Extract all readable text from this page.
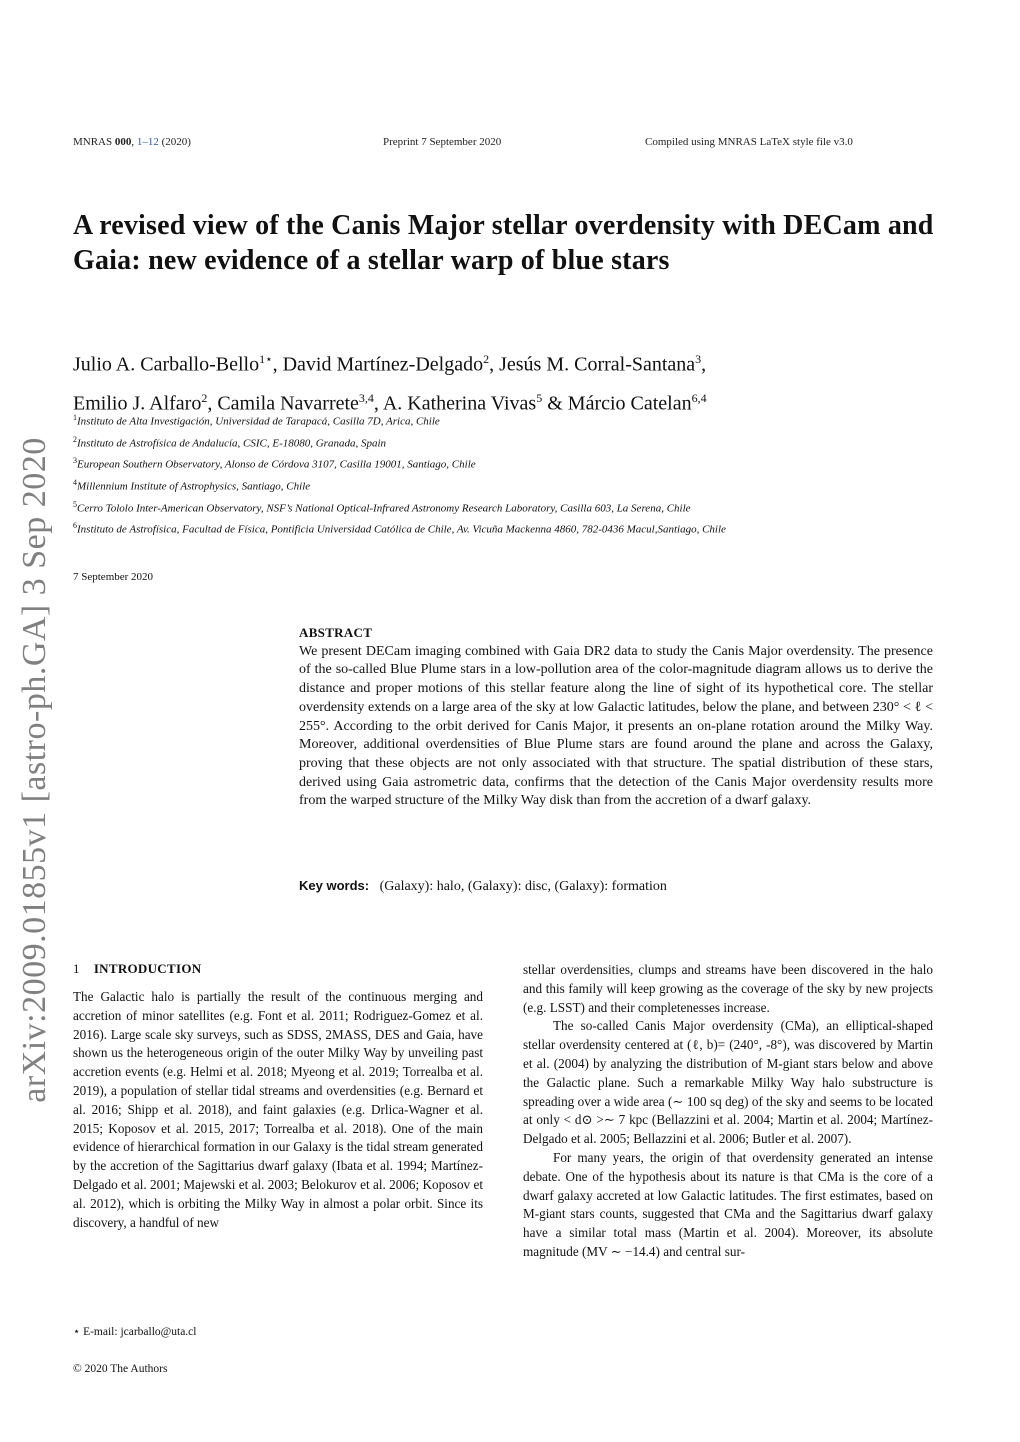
MNRAS 000, 1–12 (2020)	Preprint 7 September 2020	Compiled using MNRAS LaTeX style file v3.0
arXiv:2009.01855v1 [astro-ph.GA] 3 Sep 2020
A revised view of the Canis Major stellar overdensity with DECam and Gaia: new evidence of a stellar warp of blue stars
Julio A. Carballo-Bello$^{1⋆}$, David Martínez-Delgado$^2$, Jesús M. Corral-Santana$^3$,
Emilio J. Alfaro$^2$, Camila Navarrete$^{3,4}$, A. Katherina Vivas$^5$ & Márcio Catelan$^{6,4}$
$^1$Instituto de Alta Investigación, Universidad de Tarapacá, Casilla 7D, Arica, Chile
$^2$Instituto de Astrofísica de Andalucía, CSIC, E-18080, Granada, Spain
$^3$European Southern Observatory, Alonso de Córdova 3107, Casilla 19001, Santiago, Chile
$^4$Millennium Institute of Astrophysics, Santiago, Chile
$^5$Cerro Tololo Inter-American Observatory, NSF’s National Optical-Infrared Astronomy Research Laboratory, Casilla 603, La Serena, Chile
$^6$Instituto de Astrofísica, Facultad de Física, Pontificia Universidad Católica de Chile, Av. Vicuña Mackenna 4860, 782-0436 Macul,Santiago, Chile
7 September 2020
ABSTRACT
We present DECam imaging combined with Gaia DR2 data to study the Canis Major overdensity. The presence of the so-called Blue Plume stars in a low-pollution area of the color-magnitude diagram allows us to derive the distance and proper motions of this stellar feature along the line of sight of its hypothetical core. The stellar overdensity extends on a large area of the sky at low Galactic latitudes, below the plane, and between 230° < ℓ < 255°. According to the orbit derived for Canis Major, it presents an on-plane rotation around the Milky Way. Moreover, additional overdensities of Blue Plume stars are found around the plane and across the Galaxy, proving that these objects are not only associated with that structure. The spatial distribution of these stars, derived using Gaia astrometric data, confirms that the detection of the Canis Major overdensity results more from the warped structure of the Milky Way disk than from the accretion of a dwarf galaxy.
Key words: (Galaxy): halo, (Galaxy): disc, (Galaxy): formation
1 INTRODUCTION
The Galactic halo is partially the result of the continuous merging and accretion of minor satellites (e.g. Font et al. 2011; Rodriguez-Gomez et al. 2016). Large scale sky surveys, such as SDSS, 2MASS, DES and Gaia, have shown us the heterogeneous origin of the outer Milky Way by unveiling past accretion events (e.g. Helmi et al. 2018; Myeong et al. 2019; Torrealba et al. 2019), a population of stellar tidal streams and overdensities (e.g. Bernard et al. 2016; Shipp et al. 2018), and faint galaxies (e.g. Drlica-Wagner et al. 2015; Koposov et al. 2015, 2017; Torrealba et al. 2018). One of the main evidence of hierarchical formation in our Galaxy is the tidal stream generated by the accretion of the Sagittarius dwarf galaxy (Ibata et al. 1994; Martínez-Delgado et al. 2001; Majewski et al. 2003; Belokurov et al. 2006; Koposov et al. 2012), which is orbiting the Milky Way in almost a polar orbit. Since its discovery, a handful of new

stellar overdensities, clumps and streams have been discovered in the halo and this family will keep growing as the coverage of the sky by new projects (e.g. LSST) and their completenesses increase.

The so-called Canis Major overdensity (CMa), an elliptical-shaped stellar overdensity centered at (ℓ, b)= (240°, -8°), was discovered by Martin et al. (2004) by analyzing the distribution of M-giant stars below and above the Galactic plane. Such a remarkable Milky Way halo substructure is spreading over a wide area (∼ 100 sq deg) of the sky and seems to be located at only < d⊙ >∼ 7 kpc (Bellazzini et al. 2004; Martin et al. 2004; Martínez-Delgado et al. 2005; Bellazzini et al. 2006; Butler et al. 2007).

For many years, the origin of that overdensity generated an intense debate. One of the hypothesis about its nature is that CMa is the core of a dwarf galaxy accreted at low Galactic latitudes. The first estimates, based on M-giant stars counts, suggested that CMa and the Sagittarius dwarf galaxy have a similar total mass (Martin et al. 2004). Moreover, its absolute magnitude (MV ∼ −14.4) and central sur-

⋆ E-mail: jcarballo@uta.cl
© 2020 The Authors
